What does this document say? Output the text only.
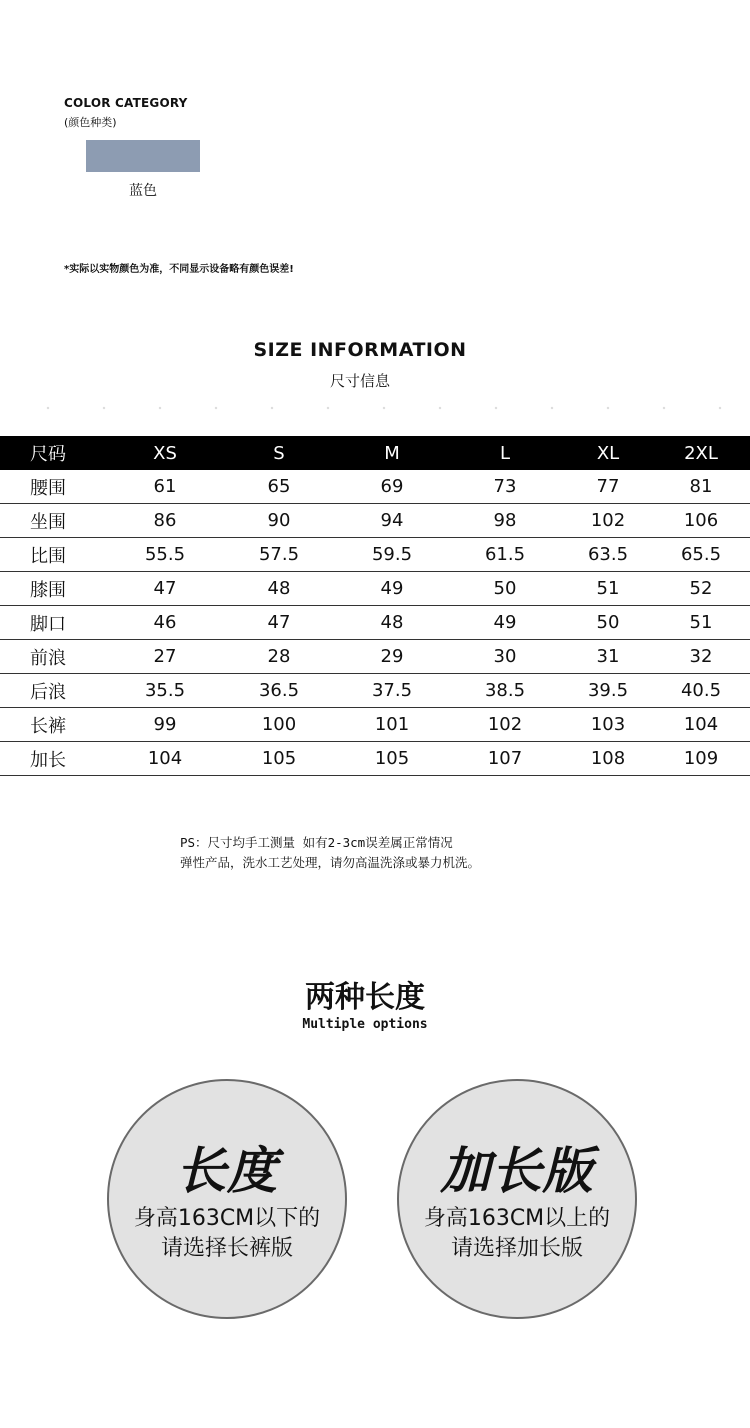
COLOR CATEGORY
(颜色种类)
蓝色
*实际以实物颜色为准，不同显示设备略有颜色误差!
SIZE INFORMATION
尺寸信息
尺码	XS	S	M	L	XL	2XL
腰围	61	65	69	73	77	81
坐围	86	90	94	98	102	106
比围	55.5	57.5	59.5	61.5	63.5	65.5
膝围	47	48	49	50	51	52
脚口	46	47	48	49	50	51
前浪	27	28	29	30	31	32
后浪	35.5	36.5	37.5	38.5	39.5	40.5
长裤	99	100	101	102	103	104
加长	104	105	105	107	108	109
PS：尺寸均手工测量 如有2-3cm误差属正常情况
弹性产品，洗水工艺处理，请勿高温洗涤或暴力机洗。
两种长度
Multiple options
长度
身高163CM以下的
请选择长裤版
加长版
身高163CM以上的
请选择加长版
